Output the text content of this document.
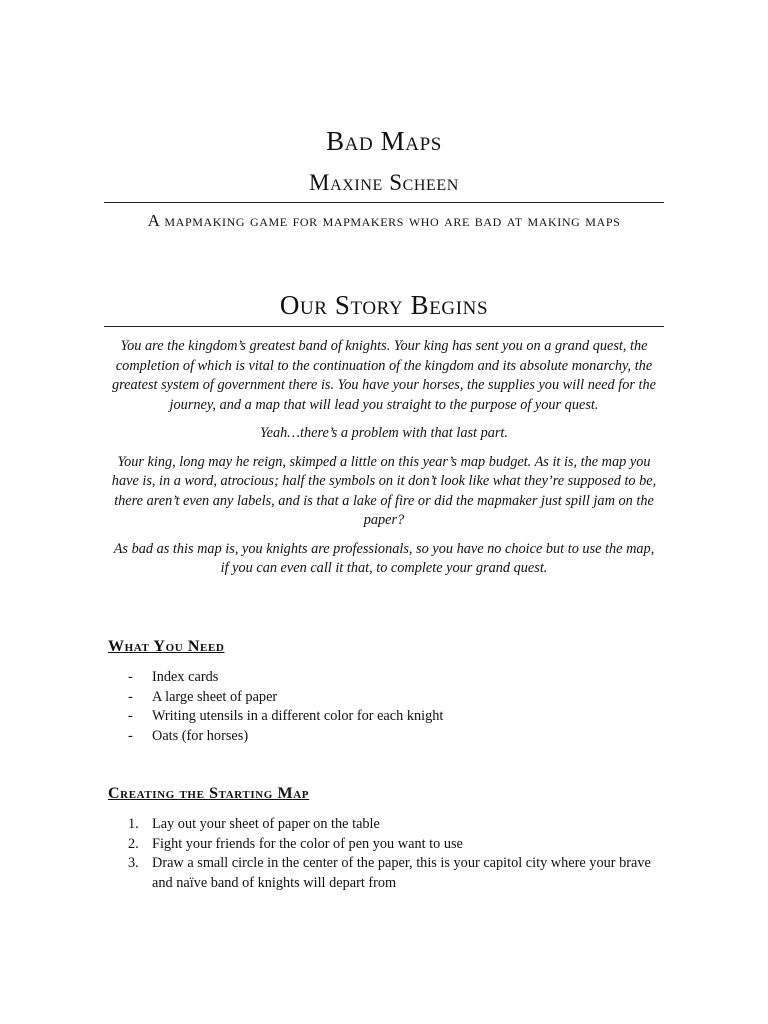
Bad Maps
Maxine Scheen

A mapmaking game for mapmakers who are bad at making maps

Our Story Begins

You are the kingdom’s greatest band of knights. Your king has sent you on a grand quest, the completion of which is vital to the continuation of the kingdom and its absolute monarchy, the greatest system of government there is. You have your horses, the supplies you will need for the journey, and a map that will lead you straight to the purpose of your quest.

Yeah…there’s a problem with that last part.

Your king, long may he reign, skimped a little on this year’s map budget. As it is, the map you have is, in a word, atrocious; half the symbols on it don’t look like what they’re supposed to be, there aren’t even any labels, and is that a lake of fire or did the mapmaker just spill jam on the paper?

As bad as this map is, you knights are professionals, so you have no choice but to use the map, if you can even call it that, to complete your grand quest.

What You Need
- Index cards
- A large sheet of paper
- Writing utensils in a different color for each knight
- Oats (for horses)
Creating the Starting Map
1. Lay out your sheet of paper on the table
2. Fight your friends for the color of pen you want to use
3. Draw a small circle in the center of the paper, this is your capitol city where your brave and naïve band of knights will depart from
